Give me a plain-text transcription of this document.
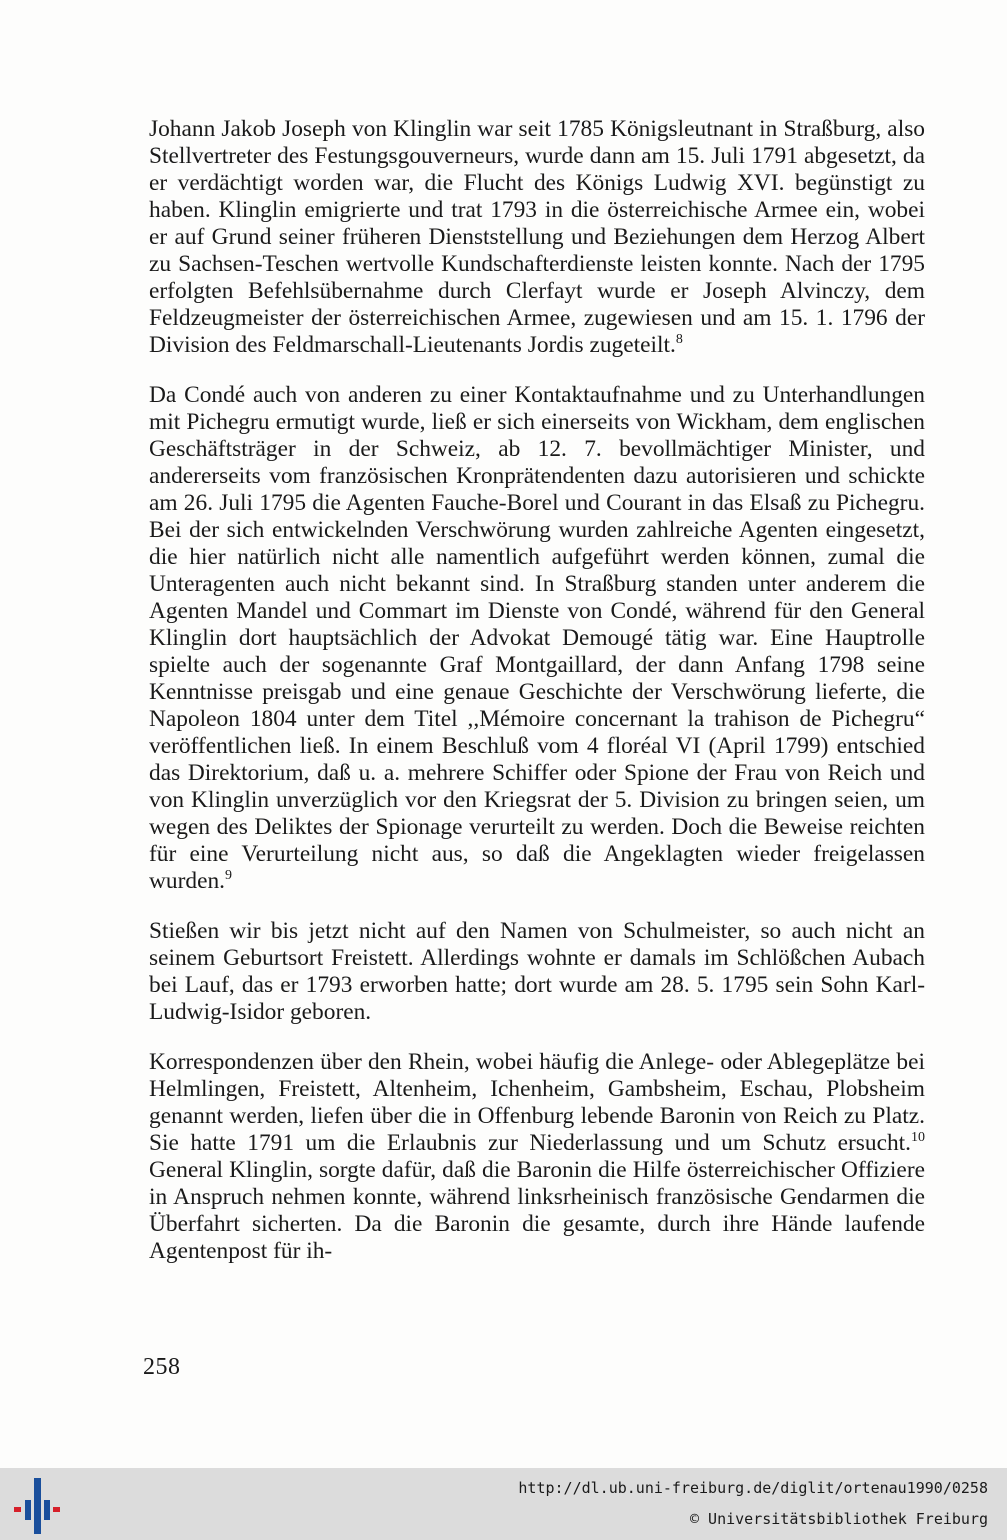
Johann Jakob Joseph von Klinglin war seit 1785 Königsleutnant in Straßburg, also Stellvertreter des Festungsgouverneurs, wurde dann am 15. Juli 1791 abgesetzt, da er verdächtigt worden war, die Flucht des Königs Ludwig XVI. begünstigt zu haben. Klinglin emigrierte und trat 1793 in die österreichische Armee ein, wobei er auf Grund seiner früheren Dienststellung und Beziehungen dem Herzog Albert zu Sachsen-Teschen wertvolle Kundschafterdienste leisten konnte. Nach der 1795 erfolgten Befehlsübernahme durch Clerfayt wurde er Joseph Alvinczy, dem Feldzeugmeister der österreichischen Armee, zugewiesen und am 15. 1. 1796 der Division des Feldmarschall-Lieutenants Jordis zugeteilt.$^8$

Da Condé auch von anderen zu einer Kontaktaufnahme und zu Unterhandlungen mit Pichegru ermutigt wurde, ließ er sich einerseits von Wickham, dem englischen Geschäftsträger in der Schweiz, ab 12. 7. bevollmächtiger Minister, und andererseits vom französischen Kronprätendenten dazu autorisieren und schickte am 26. Juli 1795 die Agenten Fauche-Borel und Courant in das Elsaß zu Pichegru. Bei der sich entwickelnden Verschwörung wurden zahlreiche Agenten eingesetzt, die hier natürlich nicht alle namentlich aufgeführt werden können, zumal die Unteragenten auch nicht bekannt sind. In Straßburg standen unter anderem die Agenten Mandel und Commart im Dienste von Condé, während für den General Klinglin dort hauptsächlich der Advokat Demougé tätig war. Eine Hauptrolle spielte auch der sogenannte Graf Montgaillard, der dann Anfang 1798 seine Kenntnisse preisgab und eine genaue Geschichte der Verschwörung lieferte, die Napoleon 1804 unter dem Titel ,,Mémoire concernant la trahison de Pichegru“ veröffentlichen ließ. In einem Beschluß vom 4 floréal VI (April 1799) entschied das Direktorium, daß u. a. mehrere Schiffer oder Spione der Frau von Reich und von Klinglin unverzüglich vor den Kriegsrat der 5. Division zu bringen seien, um wegen des Deliktes der Spionage verurteilt zu werden. Doch die Beweise reichten für eine Verurteilung nicht aus, so daß die Angeklagten wieder freigelassen wurden.$^9$

Stießen wir bis jetzt nicht auf den Namen von Schulmeister, so auch nicht an seinem Geburtsort Freistett. Allerdings wohnte er damals im Schlößchen Aubach bei Lauf, das er 1793 erworben hatte; dort wurde am 28. 5. 1795 sein Sohn Karl-Ludwig-Isidor geboren.

Korrespondenzen über den Rhein, wobei häufig die Anlege- oder Ablegeplätze bei Helmlingen, Freistett, Altenheim, Ichenheim, Gambsheim, Eschau, Plobsheim genannt werden, liefen über die in Offenburg lebende Baronin von Reich zu Platz. Sie hatte 1791 um die Erlaubnis zur Niederlassung und um Schutz ersucht.$^{10}$ General Klinglin, sorgte dafür, daß die Baronin die Hilfe österreichischer Offiziere in Anspruch nehmen konnte, während linksrheinisch französische Gendarmen die Überfahrt sicherten. Da die Baronin die gesamte, durch ihre Hände laufende Agentenpost für ih-

258
http://dl.ub.uni-freiburg.de/diglit/ortenau1990/0258
© Universitätsbibliothek Freiburg
